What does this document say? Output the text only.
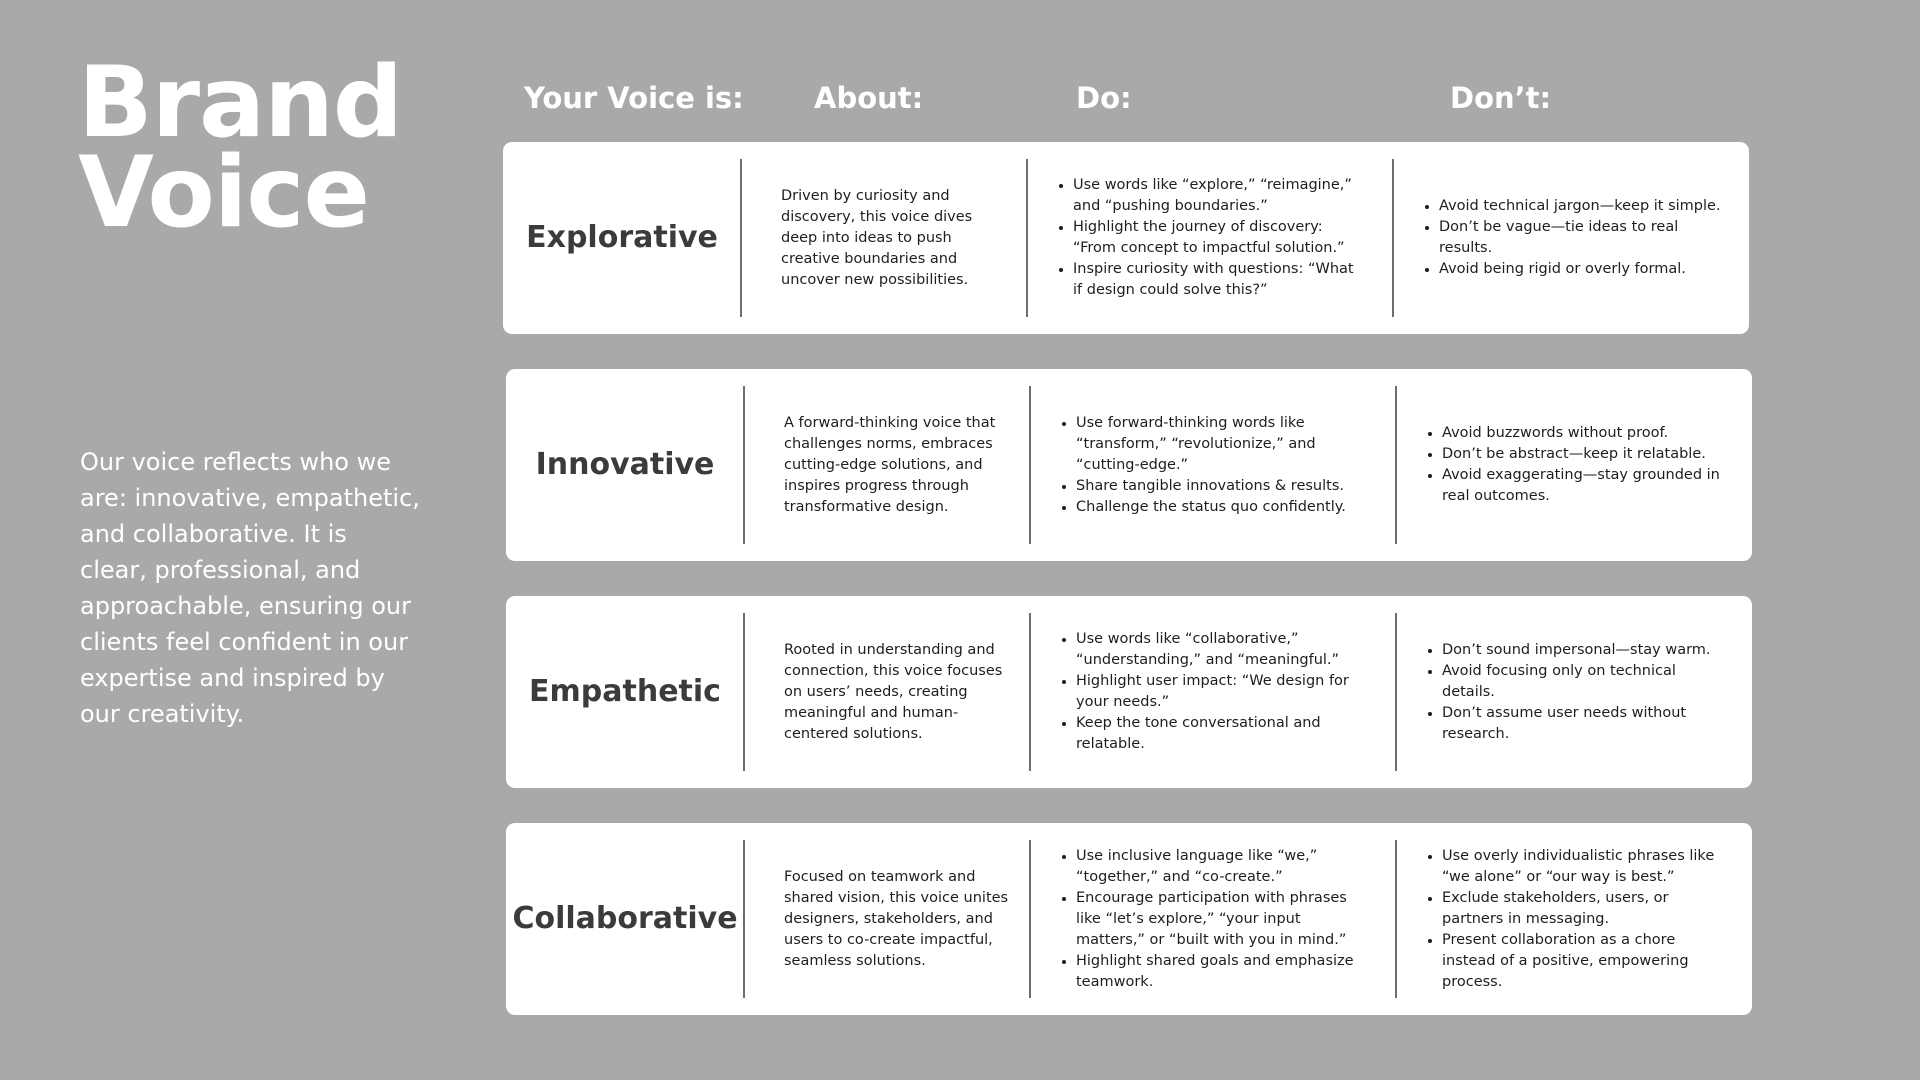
Brand
Voice

Our voice reflects who we are: innovative, empathetic, and collaborative. It is clear, professional, and approachable, ensuring our clients feel confident in our expertise and inspired by our creativity.

Your Voice is: About:	Do:	Don’t:
Explorative
Driven by curiosity and discovery, this voice dives deep into ideas to push creative boundaries and uncover new possibilities.
• Use words like “explore,” “reimagine,” and “pushing boundaries.”
• Highlight the journey of discovery: “From concept to impactful solution.”
• Inspire curiosity with questions: “What if design could solve this?”
• Avoid technical jargon—keep it simple.
• Don’t be vague—tie ideas to real results.
• Avoid being rigid or overly formal.
Innovative
A forward-thinking voice that challenges norms, embraces cutting-edge solutions, and inspires progress through transformative design.
• Use forward-thinking words like “transform,” “revolutionize,” and “cutting-edge.”
• Share tangible innovations & results.
• Challenge the status quo confidently.
• Avoid buzzwords without proof.
• Don’t be abstract—keep it relatable.
• Avoid exaggerating—stay grounded in real outcomes.
Empathetic
Rooted in understanding and connection, this voice focuses on users’ needs, creating meaningful and human-centered solutions.
• Use words like “collaborative,” “understanding,” and “meaningful.”
• Highlight user impact: “We design for your needs.”
• Keep the tone conversational and relatable.
• Don’t sound impersonal—stay warm.
• Avoid focusing only on technical details.
• Don’t assume user needs without research.
Collaborative
Focused on teamwork and shared vision, this voice unites designers, stakeholders, and users to co-create impactful, seamless solutions.
• Use inclusive language like “we,” “together,” and “co-create.”
• Encourage participation with phrases like “let’s explore,” “your input matters,” or “built with you in mind.”
• Highlight shared goals and emphasize teamwork.
• Use overly individualistic phrases like “we alone” or “our way is best.”
• Exclude stakeholders, users, or partners in messaging.
• Present collaboration as a chore instead of a positive, empowering process.
